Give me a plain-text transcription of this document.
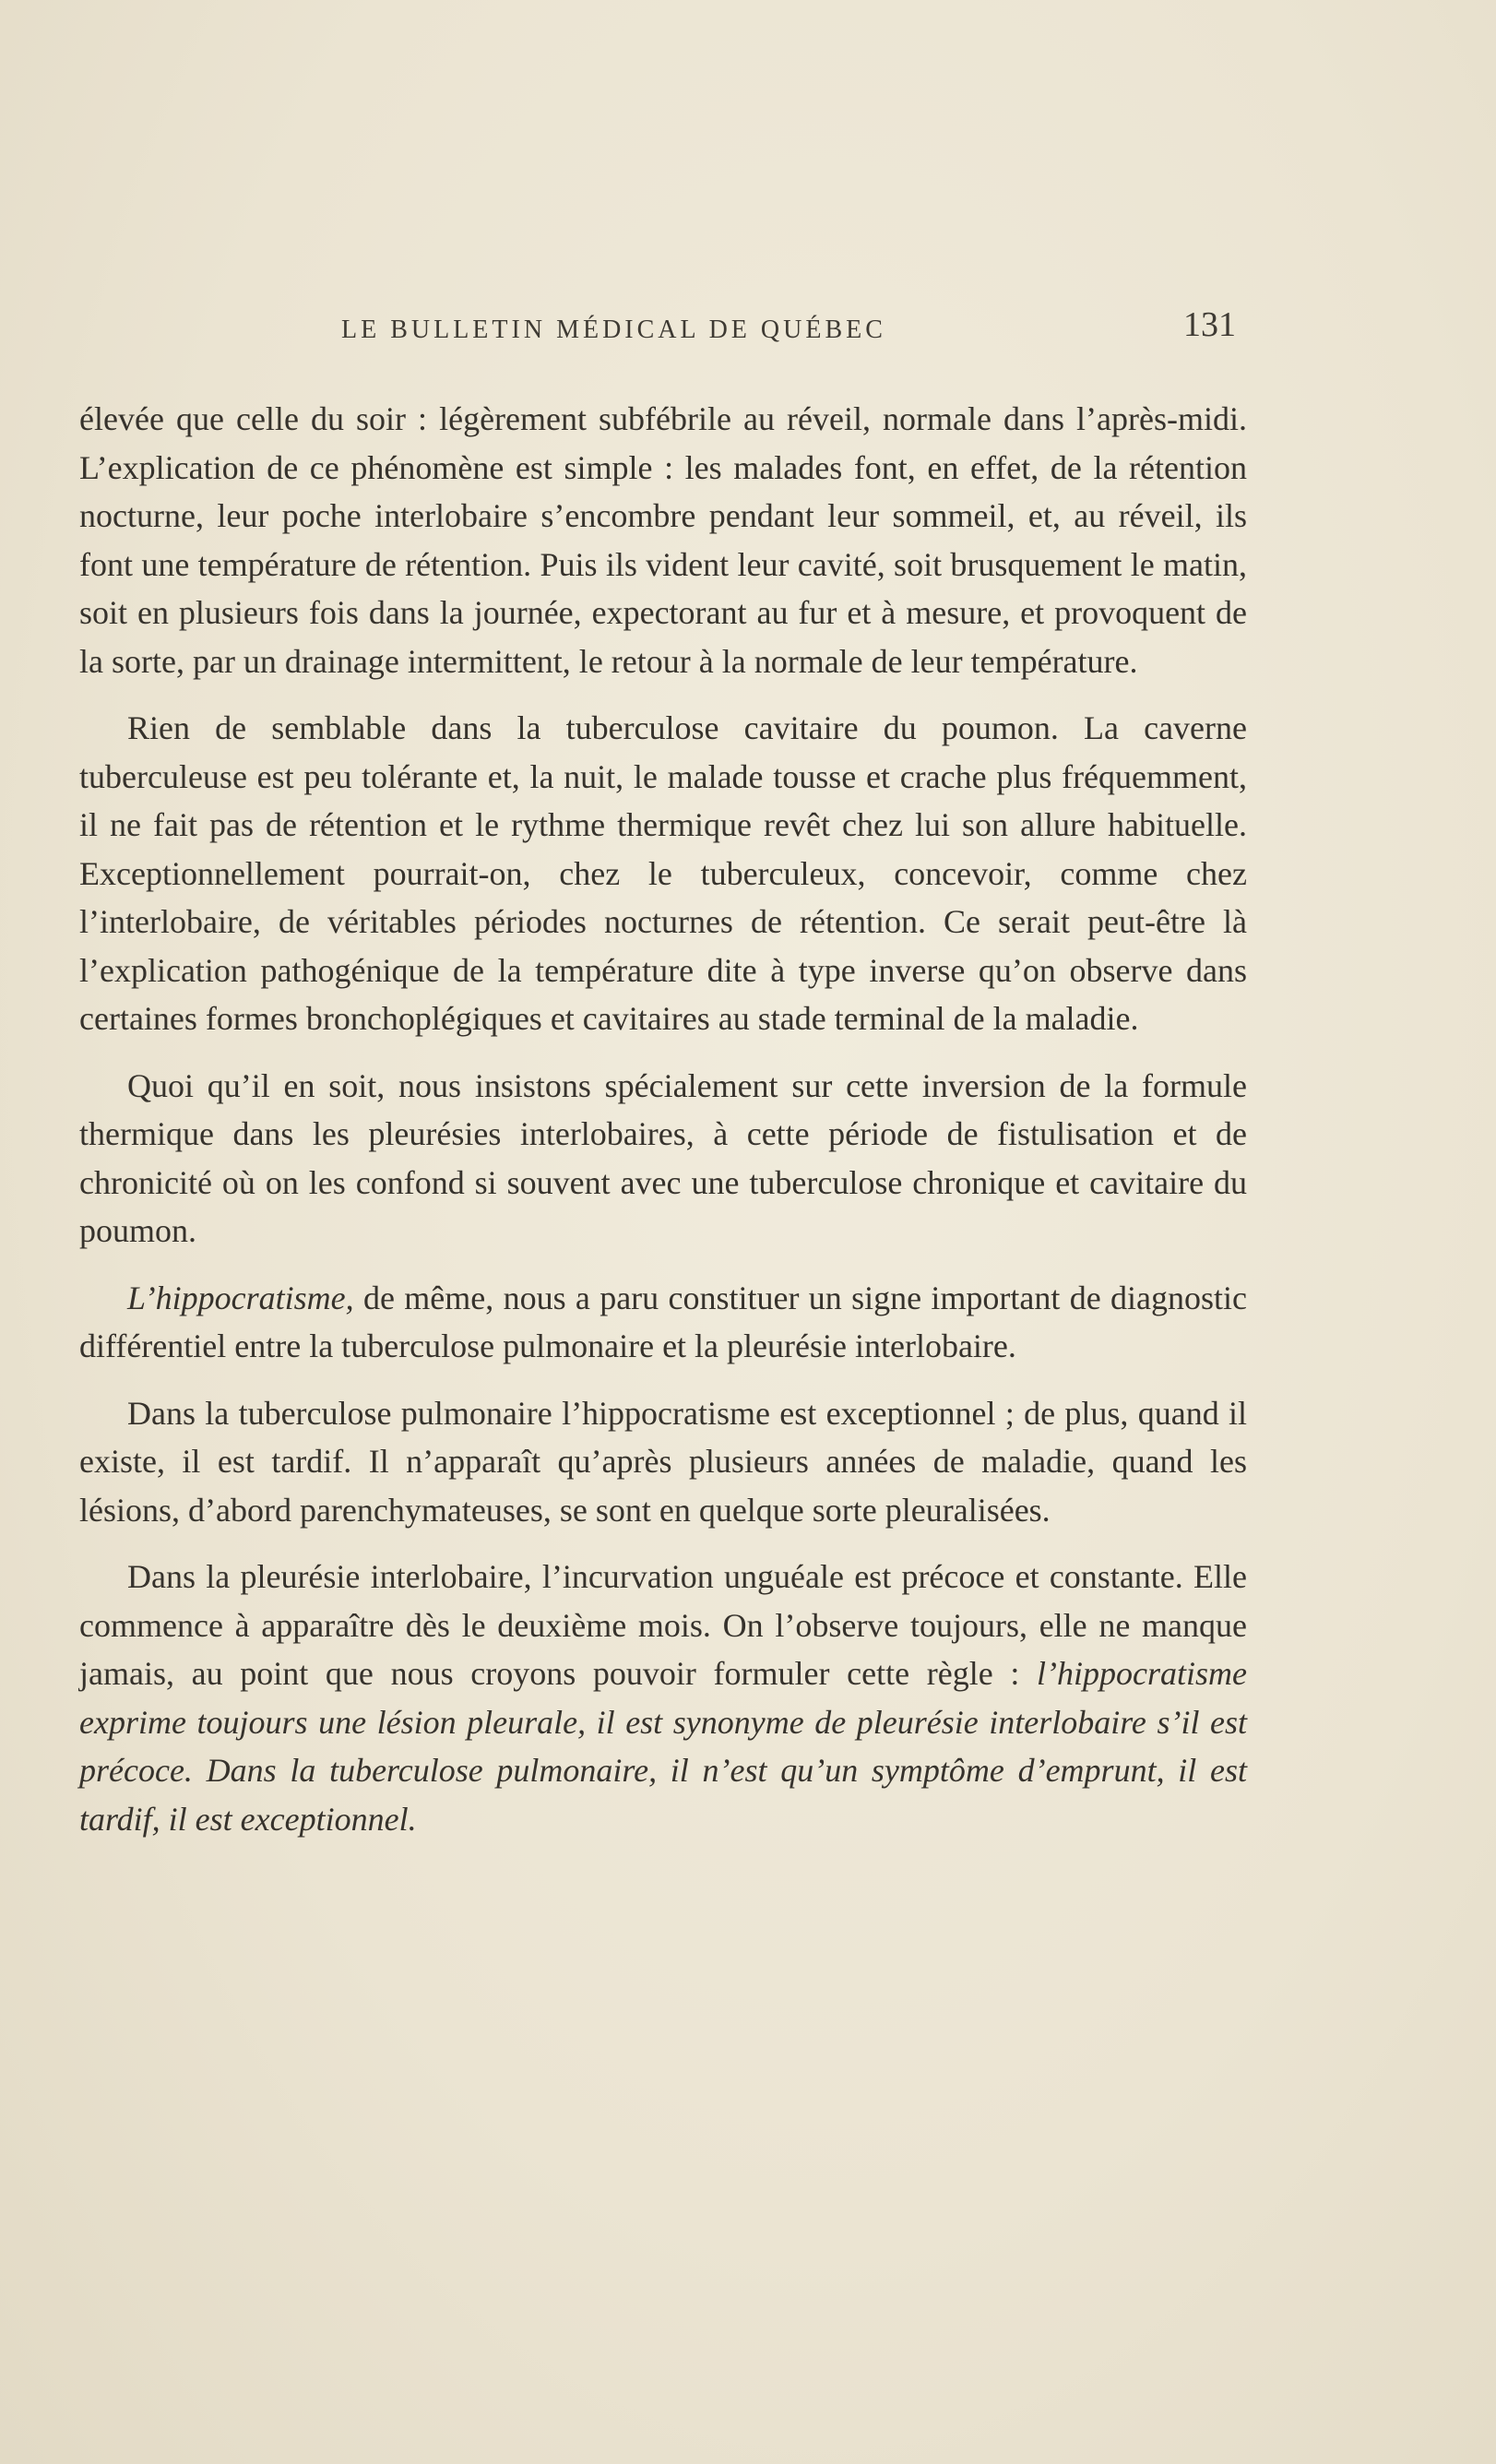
LE BULLETIN MÉDICAL DE QUÉBEC	131

élevée que celle du soir : légèrement subfébrile au réveil, normale dans l’après-midi. L’explication de ce phénomène est simple : les malades font, en effet, de la rétention nocturne, leur poche interlobaire s’encombre pendant leur sommeil, et, au réveil, ils font une température de rétention. Puis ils vident leur cavité, soit brusquement le matin, soit en plusieurs fois dans la journée, expectorant au fur et à mesure, et provoquent de la sorte, par un drainage intermittent, le retour à la normale de leur température.

Rien de semblable dans la tuberculose cavitaire du poumon. La caverne tuberculeuse est peu tolérante et, la nuit, le malade tousse et crache plus fréquemment, il ne fait pas de rétention et le rythme thermique revêt chez lui son allure habituelle. Exceptionnellement pourrait-on, chez le tuberculeux, concevoir, comme chez l’interlobaire, de véritables périodes nocturnes de rétention. Ce serait peut-être là l’explication pathogénique de la température dite à type inverse qu’on observe dans certaines formes bronchoplégiques et cavitaires au stade terminal de la maladie.

Quoi qu’il en soit, nous insistons spécialement sur cette inversion de la formule thermique dans les pleurésies interlobaires, à cette période de fistulisation et de chronicité où on les confond si souvent avec une tuberculose chronique et cavitaire du poumon.

L’hippocratisme, de même, nous a paru constituer un signe important de diagnostic différentiel entre la tuberculose pulmonaire et la pleurésie interlobaire.

Dans la tuberculose pulmonaire l’hippocratisme est exceptionnel ; de plus, quand il existe, il est tardif. Il n’apparaît qu’après plusieurs années de maladie, quand les lésions, d’abord parenchymateuses, se sont en quelque sorte pleuralisées.

Dans la pleurésie interlobaire, l’incurvation unguéale est précoce et constante. Elle commence à apparaître dès le deuxième mois. On l’observe toujours, elle ne manque jamais, au point que nous croyons pouvoir formuler cette règle : l’hippocratisme exprime toujours une lésion pleurale, il est synonyme de pleurésie interlobaire s’il est précoce. Dans la tuberculose pulmonaire, il n’est qu’un symptôme d’emprunt, il est tardif, il est exceptionnel.
